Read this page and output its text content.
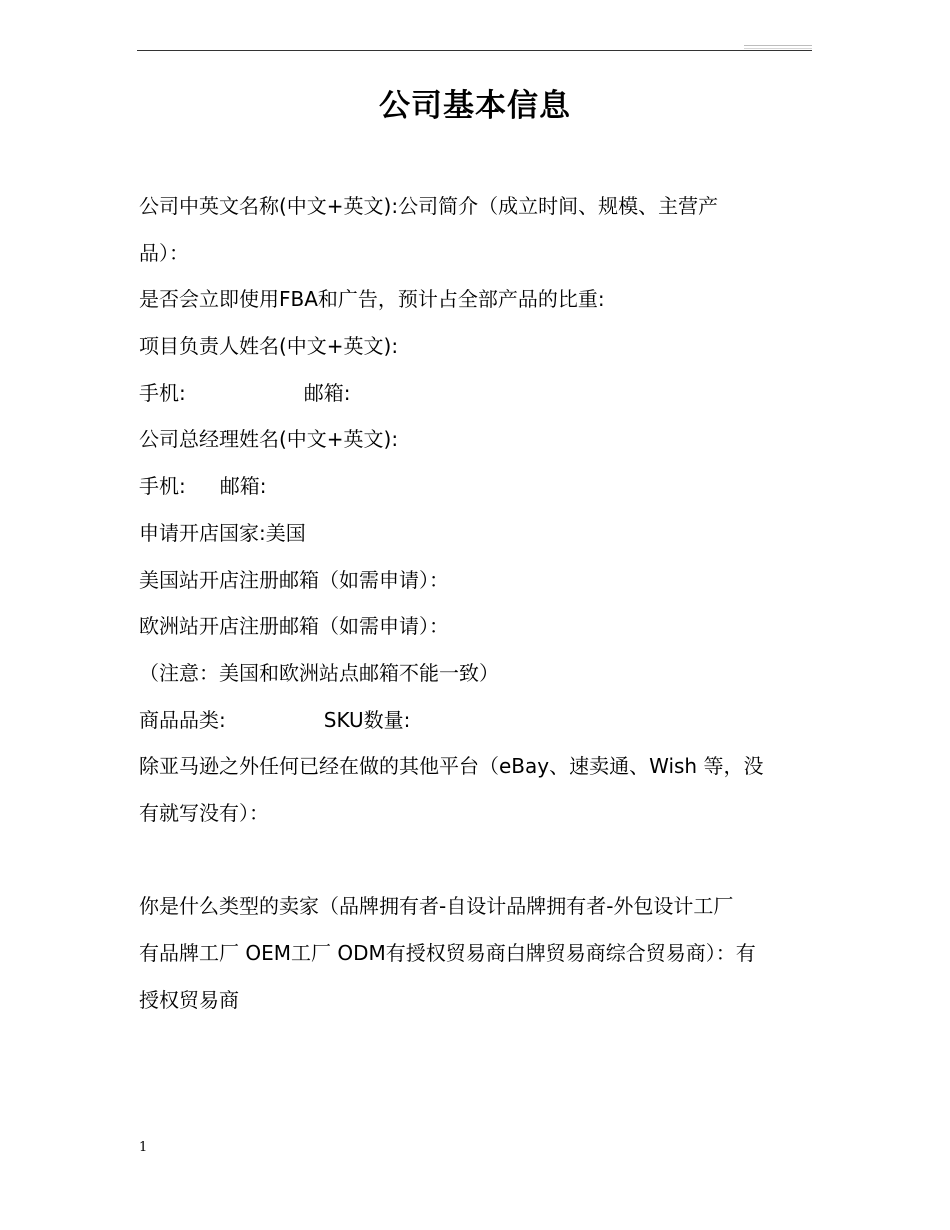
公司基本信息
公司中英文名称(中文+英文):公司简介（成立时间、规模、主营产
品）：
是否会立即使用FBA和广告，预计占全部产品的比重:
项目负责人姓名(中文+英文):
手机:	邮箱:
公司总经理姓名(中文+英文):
手机: 邮箱:
申请开店国家:美国
美国站开店注册邮箱（如需申请）：
欧洲站开店注册邮箱（如需申请）：
（注意：美国和欧洲站点邮箱不能一致）
商品品类:	SKU数量:
除亚马逊之外任何已经在做的其他平台（eBay、速卖通、Wish 等，没
有就写没有）：
你是什么类型的卖家（品牌拥有者-自设计品牌拥有者-外包设计工厂
有品牌工厂 OEM工厂 ODM有授权贸易商白牌贸易商综合贸易商）：有
授权贸易商
1
